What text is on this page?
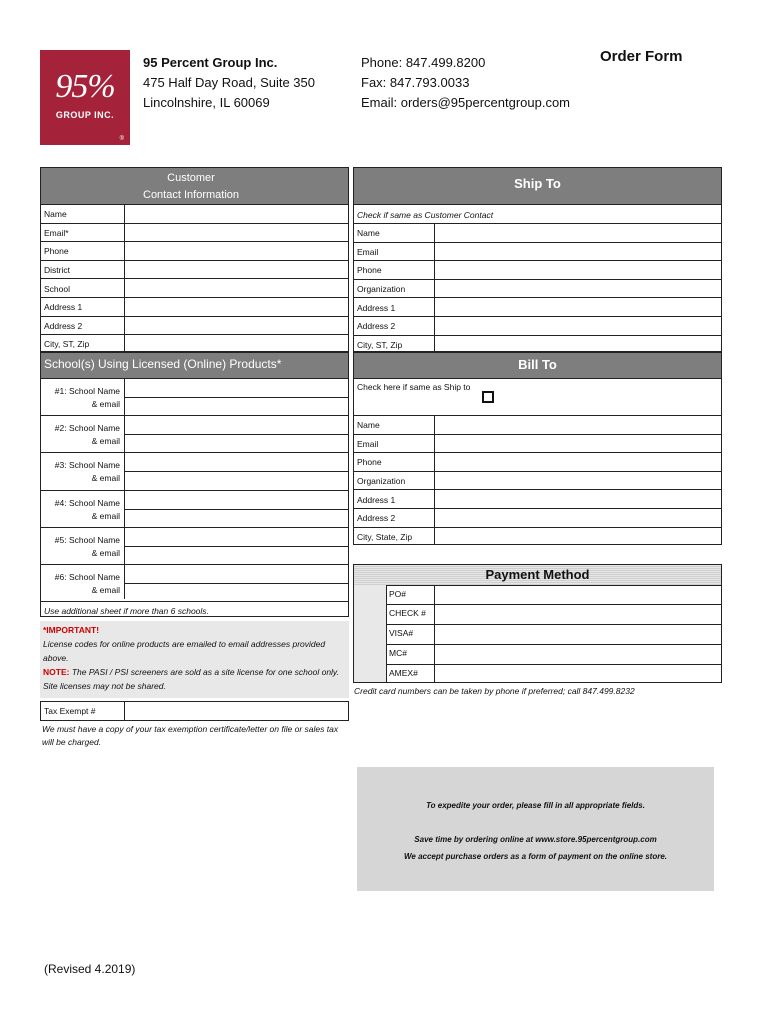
95%
GROUP INC.
®
95 Percent Group Inc.
475 Half Day Road, Suite 350
Lincolnshire, IL 60069
Phone: 847.499.8200
Fax: 847.793.0033
Email: orders@95percentgroup.com
Order Form
Customer
Contact Information
Name
Email*
Phone
District
School
Address 1
Address 2
City, ST, Zip
Ship To
Check if same as Customer Contact
Name
Email
Phone
Organization
Address 1
Address 2
City, ST, Zip
School(s) Using Licensed (Online) Products*
#1: School Name
& email
#2: School Name
& email
#3: School Name
& email
#4: School Name
& email
#5: School Name
& email
#6: School Name
& email
Use additional sheet if more than 6 schools.
*IMPORTANT!
License codes for online products are emailed to email addresses provided above.
NOTE: The PASI / PSI screeners are sold as a site license for one school only. Site licenses may not be shared.
Tax Exempt #
We must have a copy of your tax exemption certificate/letter on file or sales tax will be charged.
Bill To
Check here if same as Ship to
Name
Email
Phone
Organization
Address 1
Address 2
City, State, Zip
Payment Method
PO#
CHECK #
VISA#
MC#
AMEX#
Credit card numbers can be taken by phone if preferred; call 847.499.8232
To expedite your order, please fill in all appropriate fields.
Save time by ordering online at www.store.95percentgroup.com
We accept purchase orders as a form of payment on the online store.
(Revised 4.2019)
